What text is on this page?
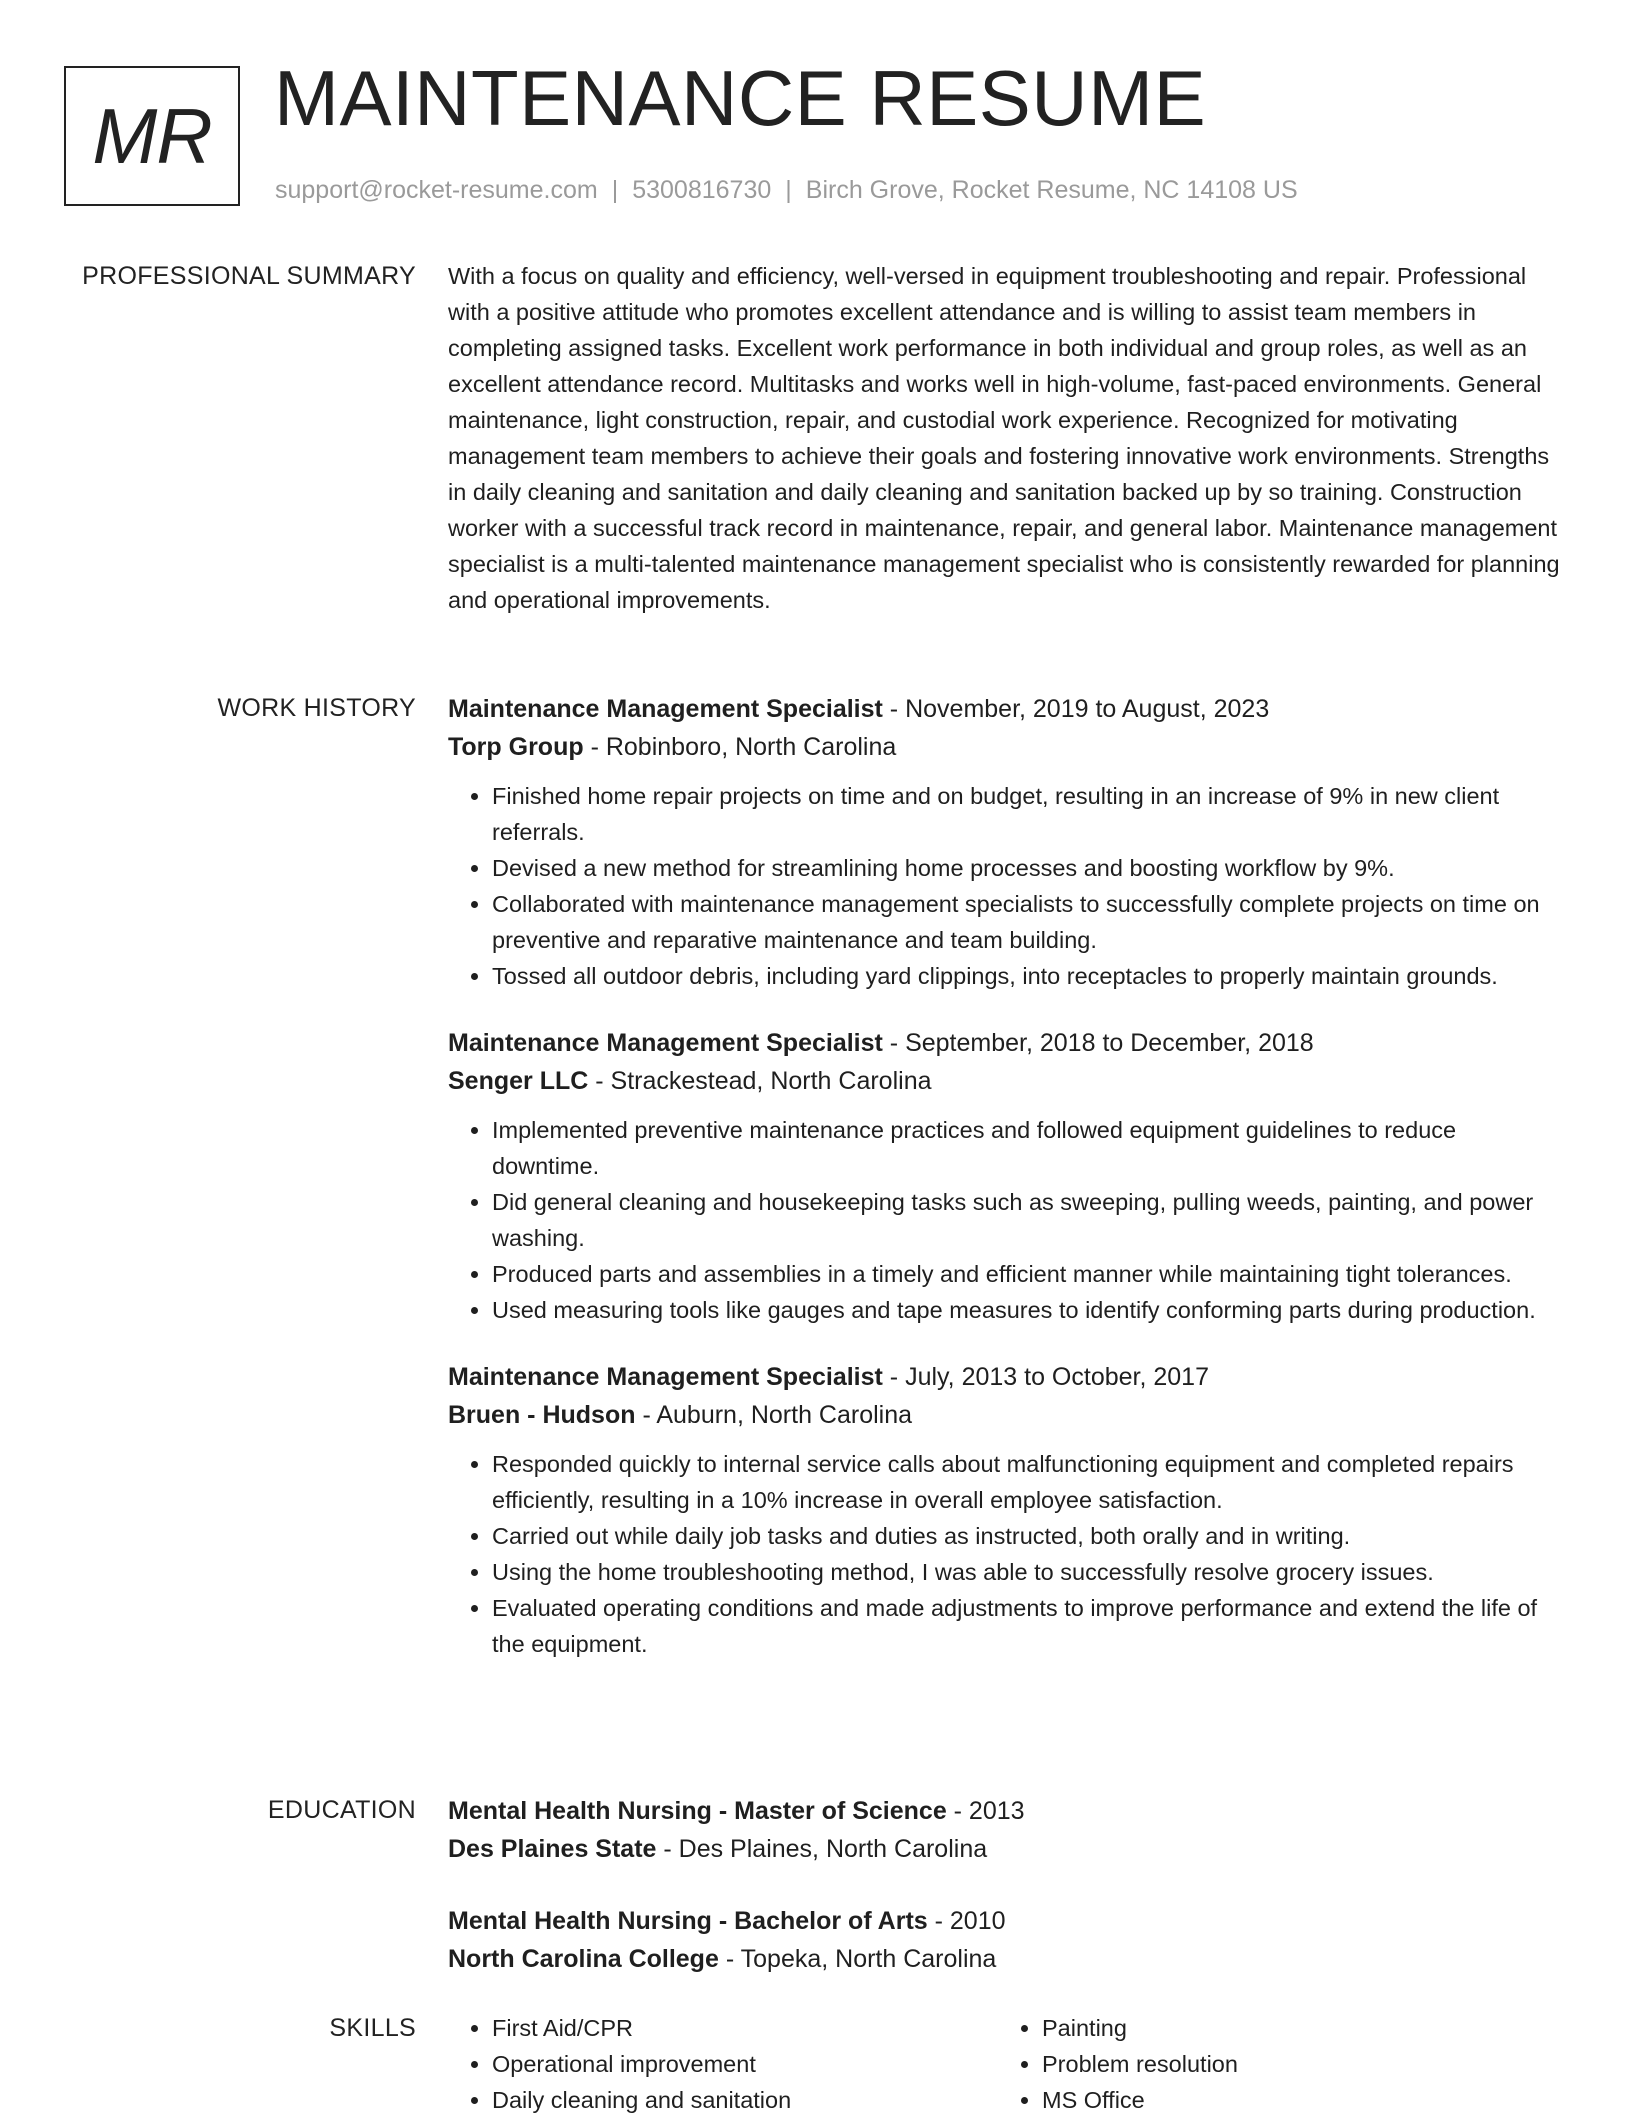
MR MAINTENANCE RESUME
support@rocket-resume.com | 5300816730 | Birch Grove, Rocket Resume, NC 14108 US
PROFESSIONAL SUMMARY With a focus on quality and efficiency, well-versed in equipment troubleshooting and repair. Professional with a positive attitude who promotes excellent attendance and is willing to assist team members in completing assigned tasks. Excellent work performance in both individual and group roles, as well as an excellent attendance record. Multitasks and works well in high-volume, fast-paced environments. General maintenance, light construction, repair, and custodial work experience. Recognized for motivating management team members to achieve their goals and fostering innovative work environments. Strengths in daily cleaning and sanitation and daily cleaning and sanitation backed up by so training. Construction worker with a successful track record in maintenance, repair, and general labor. Maintenance management specialist is a multi-talented maintenance management specialist who is consistently rewarded for planning and operational improvements.
WORK HISTORY Maintenance Management Specialist - November, 2019 to August, 2023
Torp Group - Robinboro, North Carolina
• Finished home repair projects on time and on budget, resulting in an increase of 9% in new client referrals.
• Devised a new method for streamlining home processes and boosting workflow by 9%.
• Collaborated with maintenance management specialists to successfully complete projects on time on preventive and reparative maintenance and team building.
• Tossed all outdoor debris, including yard clippings, into receptacles to properly maintain grounds.
Maintenance Management Specialist - September, 2018 to December, 2018
Senger LLC - Strackestead, North Carolina
• Implemented preventive maintenance practices and followed equipment guidelines to reduce downtime.
• Did general cleaning and housekeeping tasks such as sweeping, pulling weeds, painting, and power washing.
• Produced parts and assemblies in a timely and efficient manner while maintaining tight tolerances.
• Used measuring tools like gauges and tape measures to identify conforming parts during production.
Maintenance Management Specialist - July, 2013 to October, 2017
Bruen - Hudson - Auburn, North Carolina
• Responded quickly to internal service calls about malfunctioning equipment and completed repairs efficiently, resulting in a 10% increase in overall employee satisfaction.
• Carried out while daily job tasks and duties as instructed, both orally and in writing.
• Using the home troubleshooting method, I was able to successfully resolve grocery issues.
• Evaluated operating conditions and made adjustments to improve performance and extend the life of the equipment.
EDUCATION Mental Health Nursing - Master of Science - 2013
Des Plaines State - Des Plaines, North Carolina
Mental Health Nursing - Bachelor of Arts - 2010
North Carolina College - Topeka, North Carolina
SKILLS
•	First Aid/CPR
• Operational improvement
• Daily cleaning and sanitation
• Painting
• Problem resolution
• MS Office
